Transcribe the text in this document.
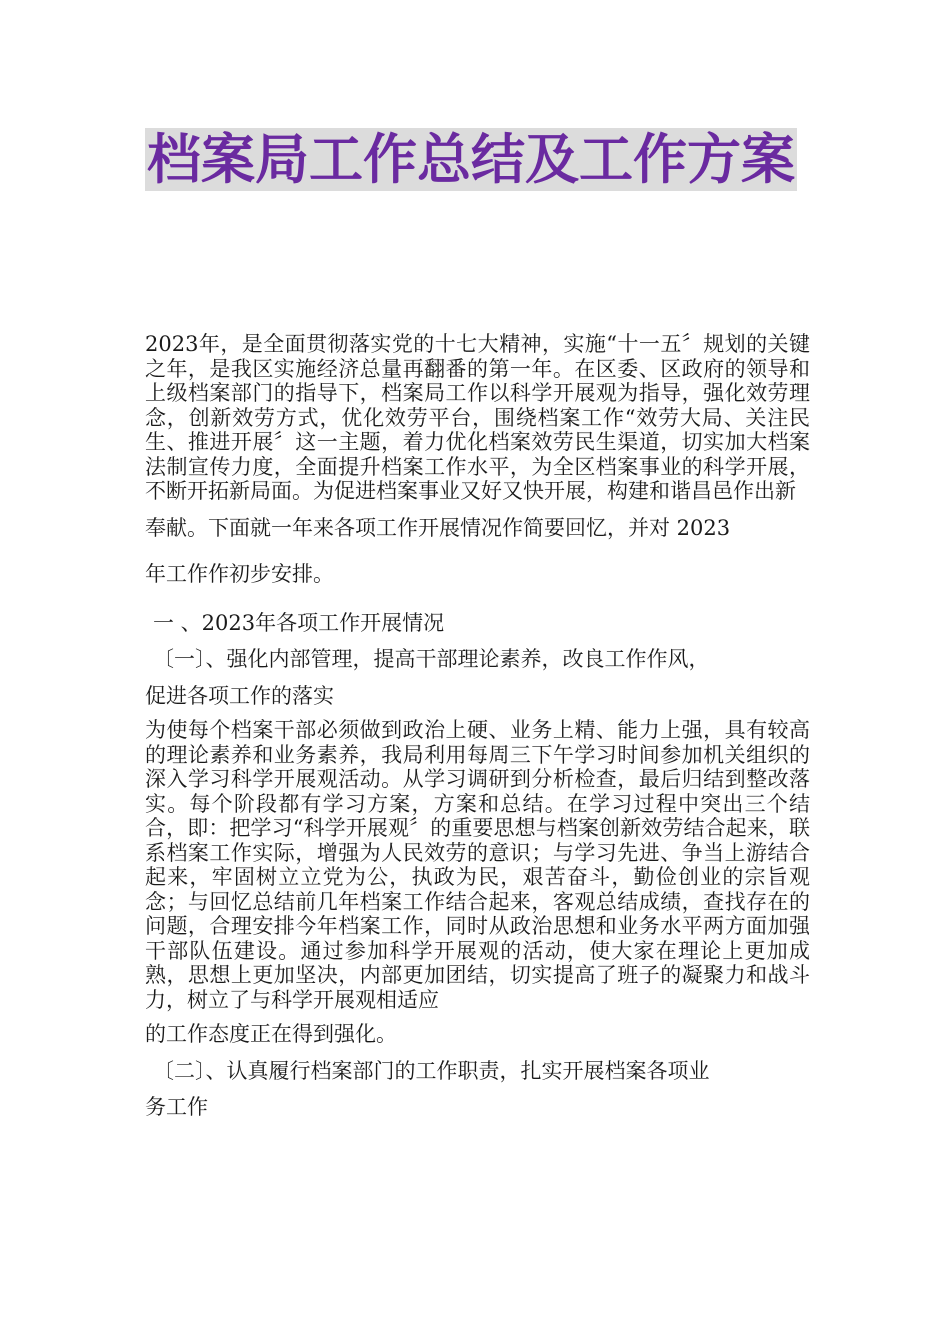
档案局工作总结及工作方案

2023年，是全面贯彻落实党的十七大精神，实施“十一五〞规划的关键之年，是我区实施经济总量再翻番的第一年。在区委、区政府的领导和上级档案部门的指导下，档案局工作以科学开展观为指导，强化效劳理念，创新效劳方式，优化效劳平台，围绕档案工作“效劳大局、关注民生、推进开展〞这一主题，着力优化档案效劳民生渠道，切实加大档案法制宣传力度，全面提升档案工作水平，为全区档案事业的科学开展，不断开拓新局面。为促进档案事业又好又快开展，构建和谐昌邑作出新

奉献。下面就一年来各项工作开展情况作简要回忆，并对 2023

年工作作初步安排。

一 、2023年各项工作开展情况

〔一〕、强化内部管理，提高干部理论素养，改良工作作风，

促进各项工作的落实

为使每个档案干部必须做到政治上硬、业务上精、能力上强，具有较高的理论素养和业务素养，我局利用每周三下午学习时间参加机关组织的深入学习科学开展观活动。从学习调研到分析检查，最后归结到整改落实。每个阶段都有学习方案，方案和总结。在学习过程中突出三个结合，即：把学习“科学开展观〞的重要思想与档案创新效劳结合起来，联系档案工作实际，增强为人民效劳的意识；与学习先进、争当上游结合起来，牢固树立立党为公，执政为民，艰苦奋斗，勤俭创业的宗旨观念；与回忆总结前几年档案工作结合起来，客观总结成绩，查找存在的问题，合理安排今年档案工作，同时从政治思想和业务水平两方面加强干部队伍建设。通过参加科学开展观的活动，使大家在理论上更加成熟，思想上更加坚决，内部更加团结，切实提高了班子的凝聚力和战斗力，树立了与科学开展观相适应

的工作态度正在得到强化。

〔二〕、认真履行档案部门的工作职责，扎实开展档案各项业

务工作
